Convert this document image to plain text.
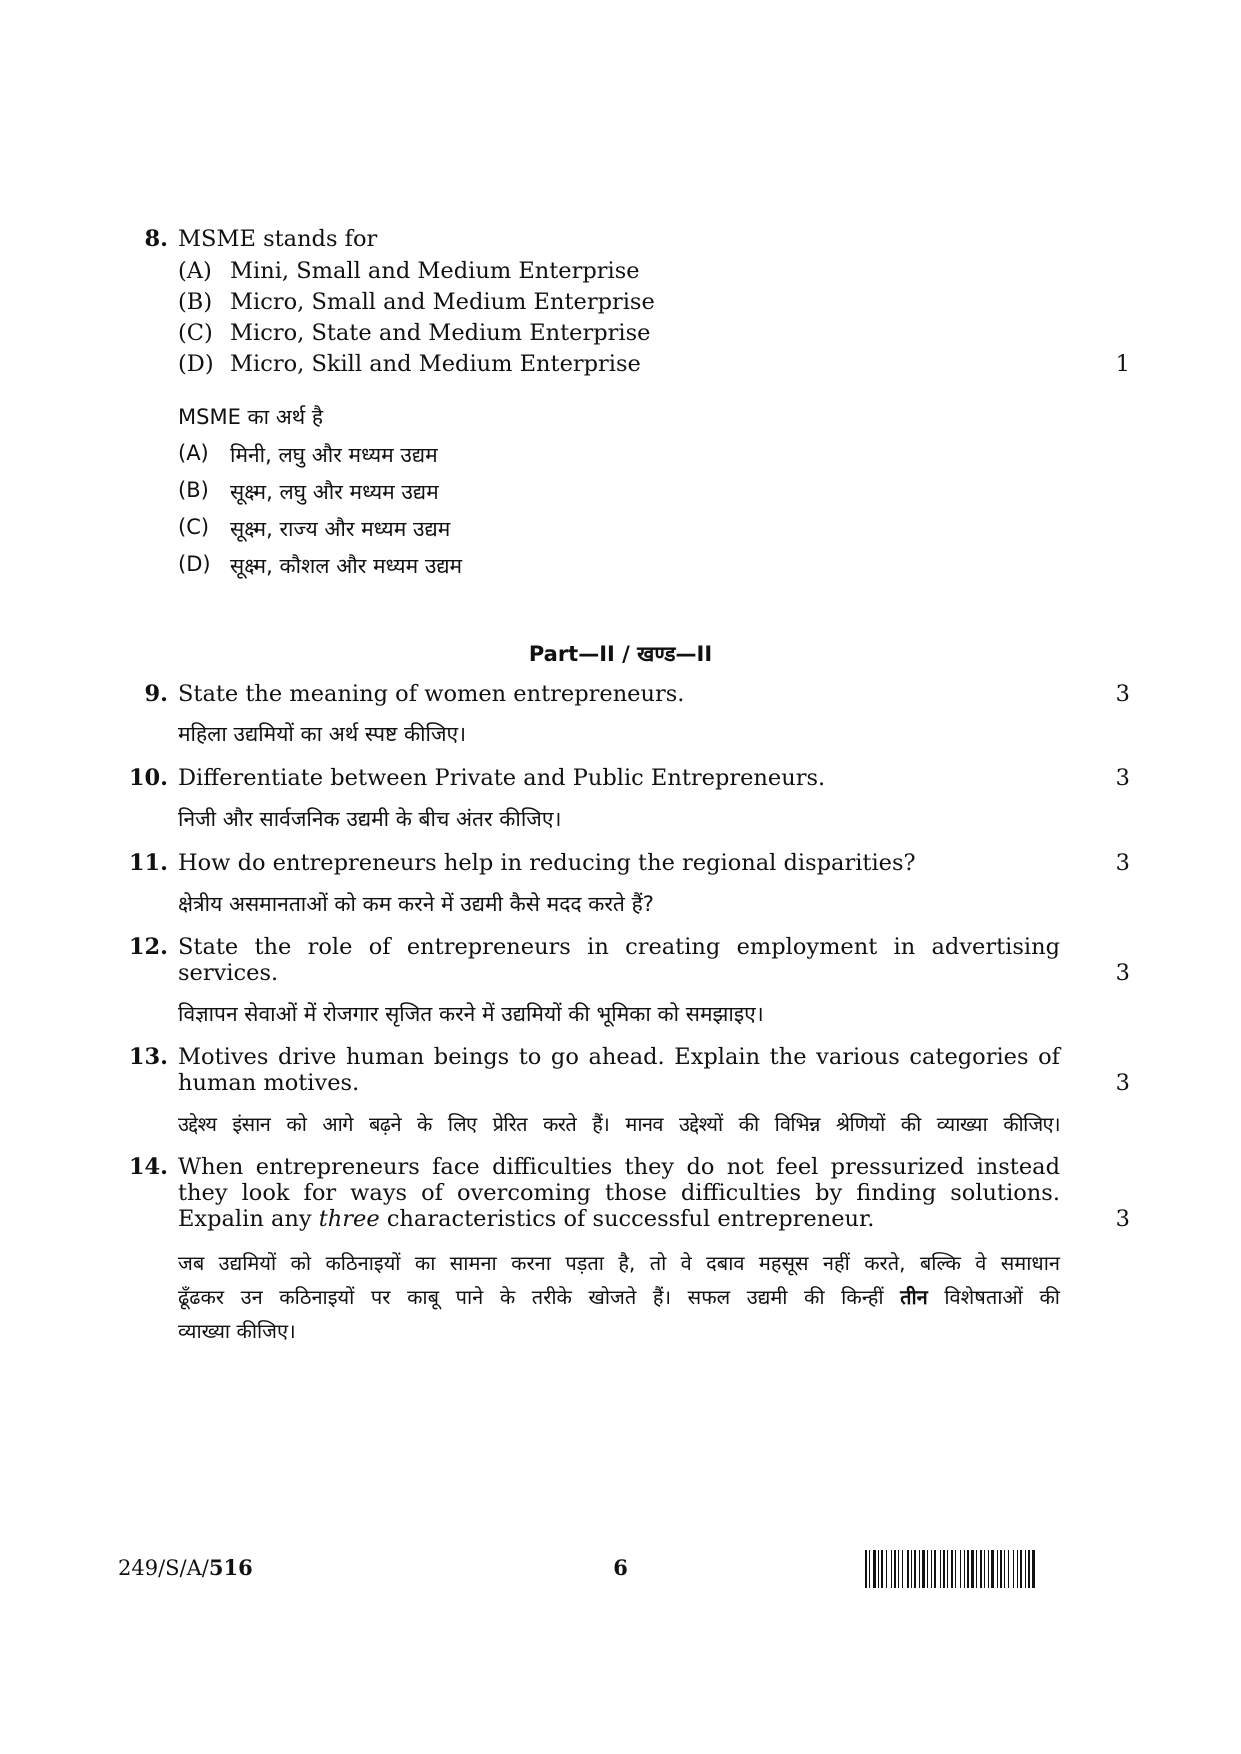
8. MSME stands for
(A) Mini, Small and Medium Enterprise
(B) Micro, Small and Medium Enterprise
(C) Micro, State and Medium Enterprise
(D) Micro, Skill and Medium Enterprise	1
MSME का अर्थ है
(A) मिनी, लघु और मध्यम उद्यम
(B) सूक्ष्म, लघु और मध्यम उद्यम
(C) सूक्ष्म, राज्य और मध्यम उद्यम
(D) सूक्ष्म, कौशल और मध्यम उद्यम
Part—II / खण्ड—II
9. State the meaning of women entrepreneurs.	3
महिला उद्यमियों का अर्थ स्पष्ट कीजिए।
10. Differentiate between Private and Public Entrepreneurs.	3
निजी और सार्वजनिक उद्यमी के बीच अंतर कीजिए।
11. How do entrepreneurs help in reducing the regional disparities?	3
क्षेत्रीय असमानताओं को कम करने में उद्यमी कैसे मदद करते हैं?
12. State the role of entrepreneurs in creating employment in advertising
services.	3
विज्ञापन सेवाओं में रोजगार सृजित करने में उद्यमियों की भूमिका को समझाइए।
13. Motives drive human beings to go ahead. Explain the various categories of
human motives.	3
उद्देश्य इंसान को आगे बढ़ने के लिए प्रेरित करते हैं। मानव उद्देश्यों की विभिन्न श्रेणियों की व्याख्या कीजिए।
14. When entrepreneurs face difficulties they do not feel pressurized instead
they look for ways of overcoming those difficulties by finding solutions.
Expalin any three characteristics of successful entrepreneur.	3
जब उद्यमियों को कठिनाइयों का सामना करना पड़ता है, तो वे दबाव महसूस नहीं करते, बल्कि वे समाधान
ढूँढकर उन कठिनाइयों पर काबू पाने के तरीके खोजते हैं। सफल उद्यमी की किन्हीं तीन विशेषताओं की
व्याख्या कीजिए।
249/S/A/516	6
